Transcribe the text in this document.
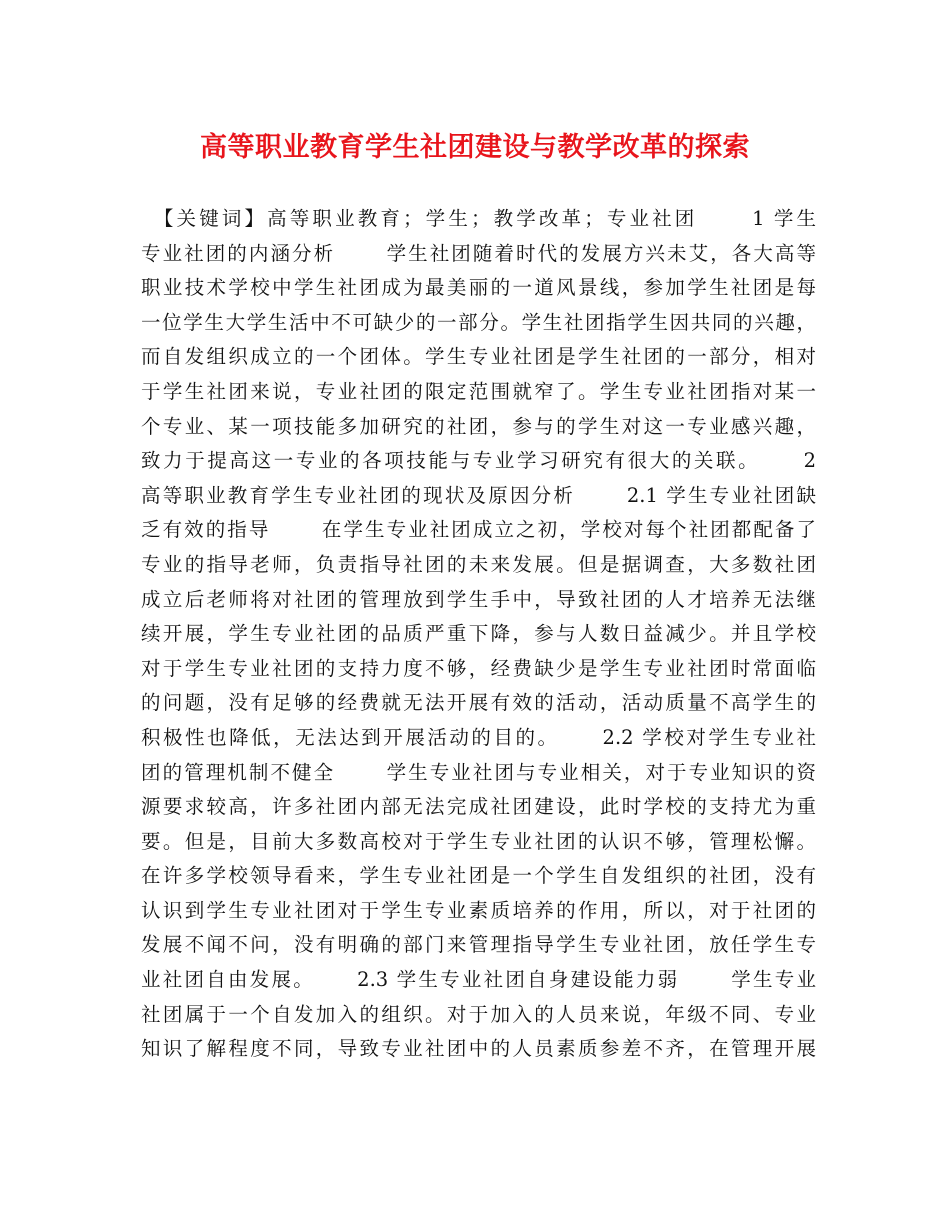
高等职业教育学生社团建设与教学改革的探索
　【关键词】高等职业教育；学生；教学改革；专业社团　　 1 学生
专业社团的内涵分析　　 学生社团随着时代的发展方兴未艾，各大高等
职业技术学校中学生社团成为最美丽的一道风景线，参加学生社团是每
一位学生大学生活中不可缺少的一部分。学生社团指学生因共同的兴趣，
而自发组织成立的一个团体。学生专业社团是学生社团的一部分，相对
于学生社团来说，专业社团的限定范围就窄了。学生专业社团指对某一
个专业、某一项技能多加研究的社团，参与的学生对这一专业感兴趣，
致力于提高这一专业的各项技能与专业学习研究有很大的关联。　　 2
高等职业教育学生专业社团的现状及原因分析　　 2.1 学生专业社团缺
乏有效的指导　　 在学生专业社团成立之初，学校对每个社团都配备了
专业的指导老师，负责指导社团的未来发展。但是据调查，大多数社团
成立后老师将对社团的管理放到学生手中，导致社团的人才培养无法继
续开展，学生专业社团的品质严重下降，参与人数日益减少。并且学校
对于学生专业社团的支持力度不够，经费缺少是学生专业社团时常面临
的问题，没有足够的经费就无法开展有效的活动，活动质量不高学生的
积极性也降低，无法达到开展活动的目的。　　 2.2 学校对学生专业社
团的管理机制不健全　　 学生专业社团与专业相关，对于专业知识的资
源要求较高，许多社团内部无法完成社团建设，此时学校的支持尤为重
要。但是，目前大多数高校对于学生专业社团的认识不够，管理松懈。
在许多学校领导看来，学生专业社团是一个学生自发组织的社团，没有
认识到学生专业社团对于学生专业素质培养的作用，所以，对于社团的
发展不闻不问，没有明确的部门来管理指导学生专业社团，放任学生专
业社团自由发展。　　 2.3 学生专业社团自身建设能力弱　　 学生专业
社团属于一个自发加入的组织。对于加入的人员来说，年级不同、专业
知识了解程度不同，导致专业社团中的人员素质参差不齐，在管理开展
